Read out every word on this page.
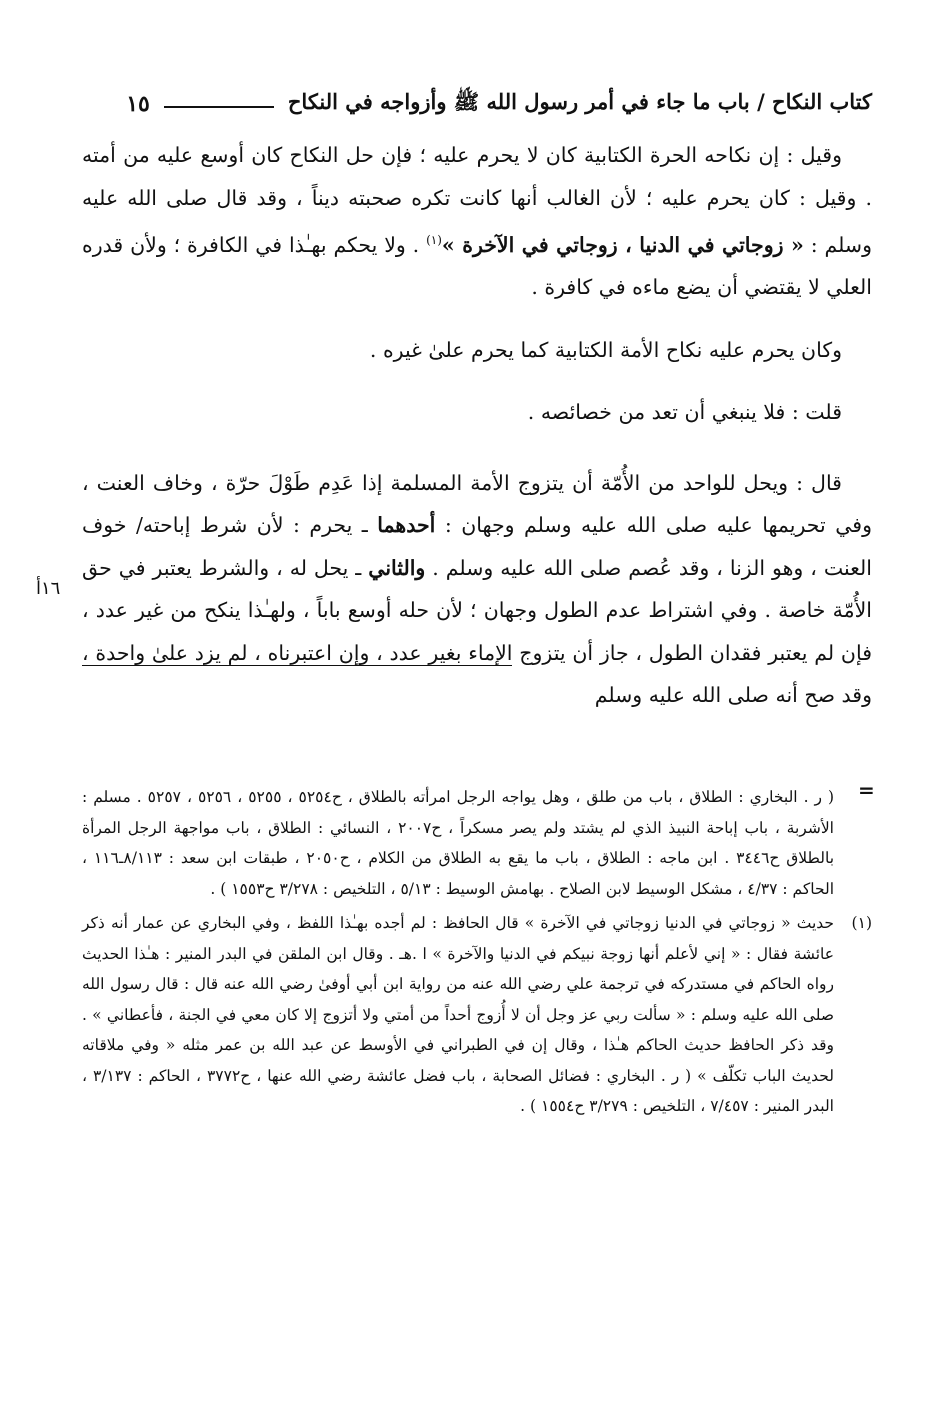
كتاب النكاح / باب ما جاء في أمر رسول الله ﷺ وأزواجه في النكاح
١٥

وقيل : إن نكاحه الحرة الكتابية كان لا يحرم عليه ؛ فإن حل النكاح كان أوسع عليه من أمته . وقيل : كان يحرم عليه ؛ لأن الغالب أنها كانت تكره صحبته ديناً ، وقد قال صلى الله عليه وسلم : « زوجاتي في الدنيا ، زوجاتي في الآخرة »$^{(١)}$ . ولا يحكم بهـٰذا في الكافرة ؛ ولأن قدره العلي لا يقتضي أن يضع ماءه في كافرة .

وكان يحرم عليه نكاح الأمة الكتابية كما يحرم علىٰ غيره .

قلت : فلا ينبغي أن تعد من خصائصه .

قال : ويحل للواحد من الأُمّة أن يتزوج الأمة المسلمة إذا عَدِم طَوْلَ حرّة ، وخاف العنت ، وفي تحريمها عليه صلى الله عليه وسلم وجهان : أحدهما ـ يحرم : لأن شرط إباحته/ خوف العنت ، وهو الزنا ، وقد عُصم صلى الله عليه وسلم . والثاني ـ يحل له ، والشرط يعتبر في حق الأُمّة خاصة . وفي اشتراط عدم الطول وجهان ؛ لأن حله أوسع باباً ، ولهـٰذا ينكح من غير عدد ، فإن لم يعتبر فقدان الطول ، جاز أن يتزوج الإماء بغير عدد ، وإن اعتبرناه ، لم يزد علىٰ واحدة ، وقد صح أنه صلى الله عليه وسلم

١٦أ
=
( ر . البخاري : الطلاق ، باب من طلق ، وهل يواجه الرجل امرأته بالطلاق ، ح٥٢٥٤ ، ٥٢٥٥ ، ٥٢٥٦ ، ٥٢٥٧ . مسلم : الأشربة ، باب إباحة النبيذ الذي لم يشتد ولم يصر مسكراً ، ح٢٠٠٧ ، النسائي : الطلاق ، باب مواجهة الرجل المرأة بالطلاق ح٣٤٤٦ . ابن ماجه : الطلاق ، باب ما يقع به الطلاق من الكلام ، ح٢٠٥٠ ، طبقات ابن سعد : ٨/١١٣ـ١١٦ ، الحاكم : ٤/٣٧ ، مشكل الوسيط لابن الصلاح . بهامش الوسيط : ٥/١٣ ، التلخيص : ٣/٢٧٨ ح١٥٥٣ ) .
(١)
حديث « زوجاتي في الدنيا زوجاتي في الآخرة » قال الحافظ : لم أجده بهـٰذا اللفظ ، وفي البخاري عن عمار أنه ذكر عائشة فقال : « إني لأعلم أنها زوجة نبيكم في الدنيا والآخرة » ا .هـ . وقال ابن الملقن في البدر المنير : هـٰذا الحديث رواه الحاكم في مستدركه في ترجمة علي رضي الله عنه من رواية ابن أبي أوفىٰ رضي الله عنه قال : قال رسول الله صلى الله عليه وسلم : « سألت ربي عز وجل أن لا أُزوج أحداً من أمتي ولا أتزوج إلا كان معي في الجنة ، فأعطاني » . وقد ذكر الحافظ حديث الحاكم هـٰذا ، وقال إن في الطبراني في الأوسط عن عبد الله بن عمر مثله « وفي ملاقاته لحديث الباب تكلّف » ( ر . البخاري : فضائل الصحابة ، باب فضل عائشة رضي الله عنها ، ح٣٧٧٢ ، الحاكم : ٣/١٣٧ ، البدر المنير : ٧/٤٥٧ ، التلخيص : ٣/٢٧٩ ح١٥٥٤ ) .
